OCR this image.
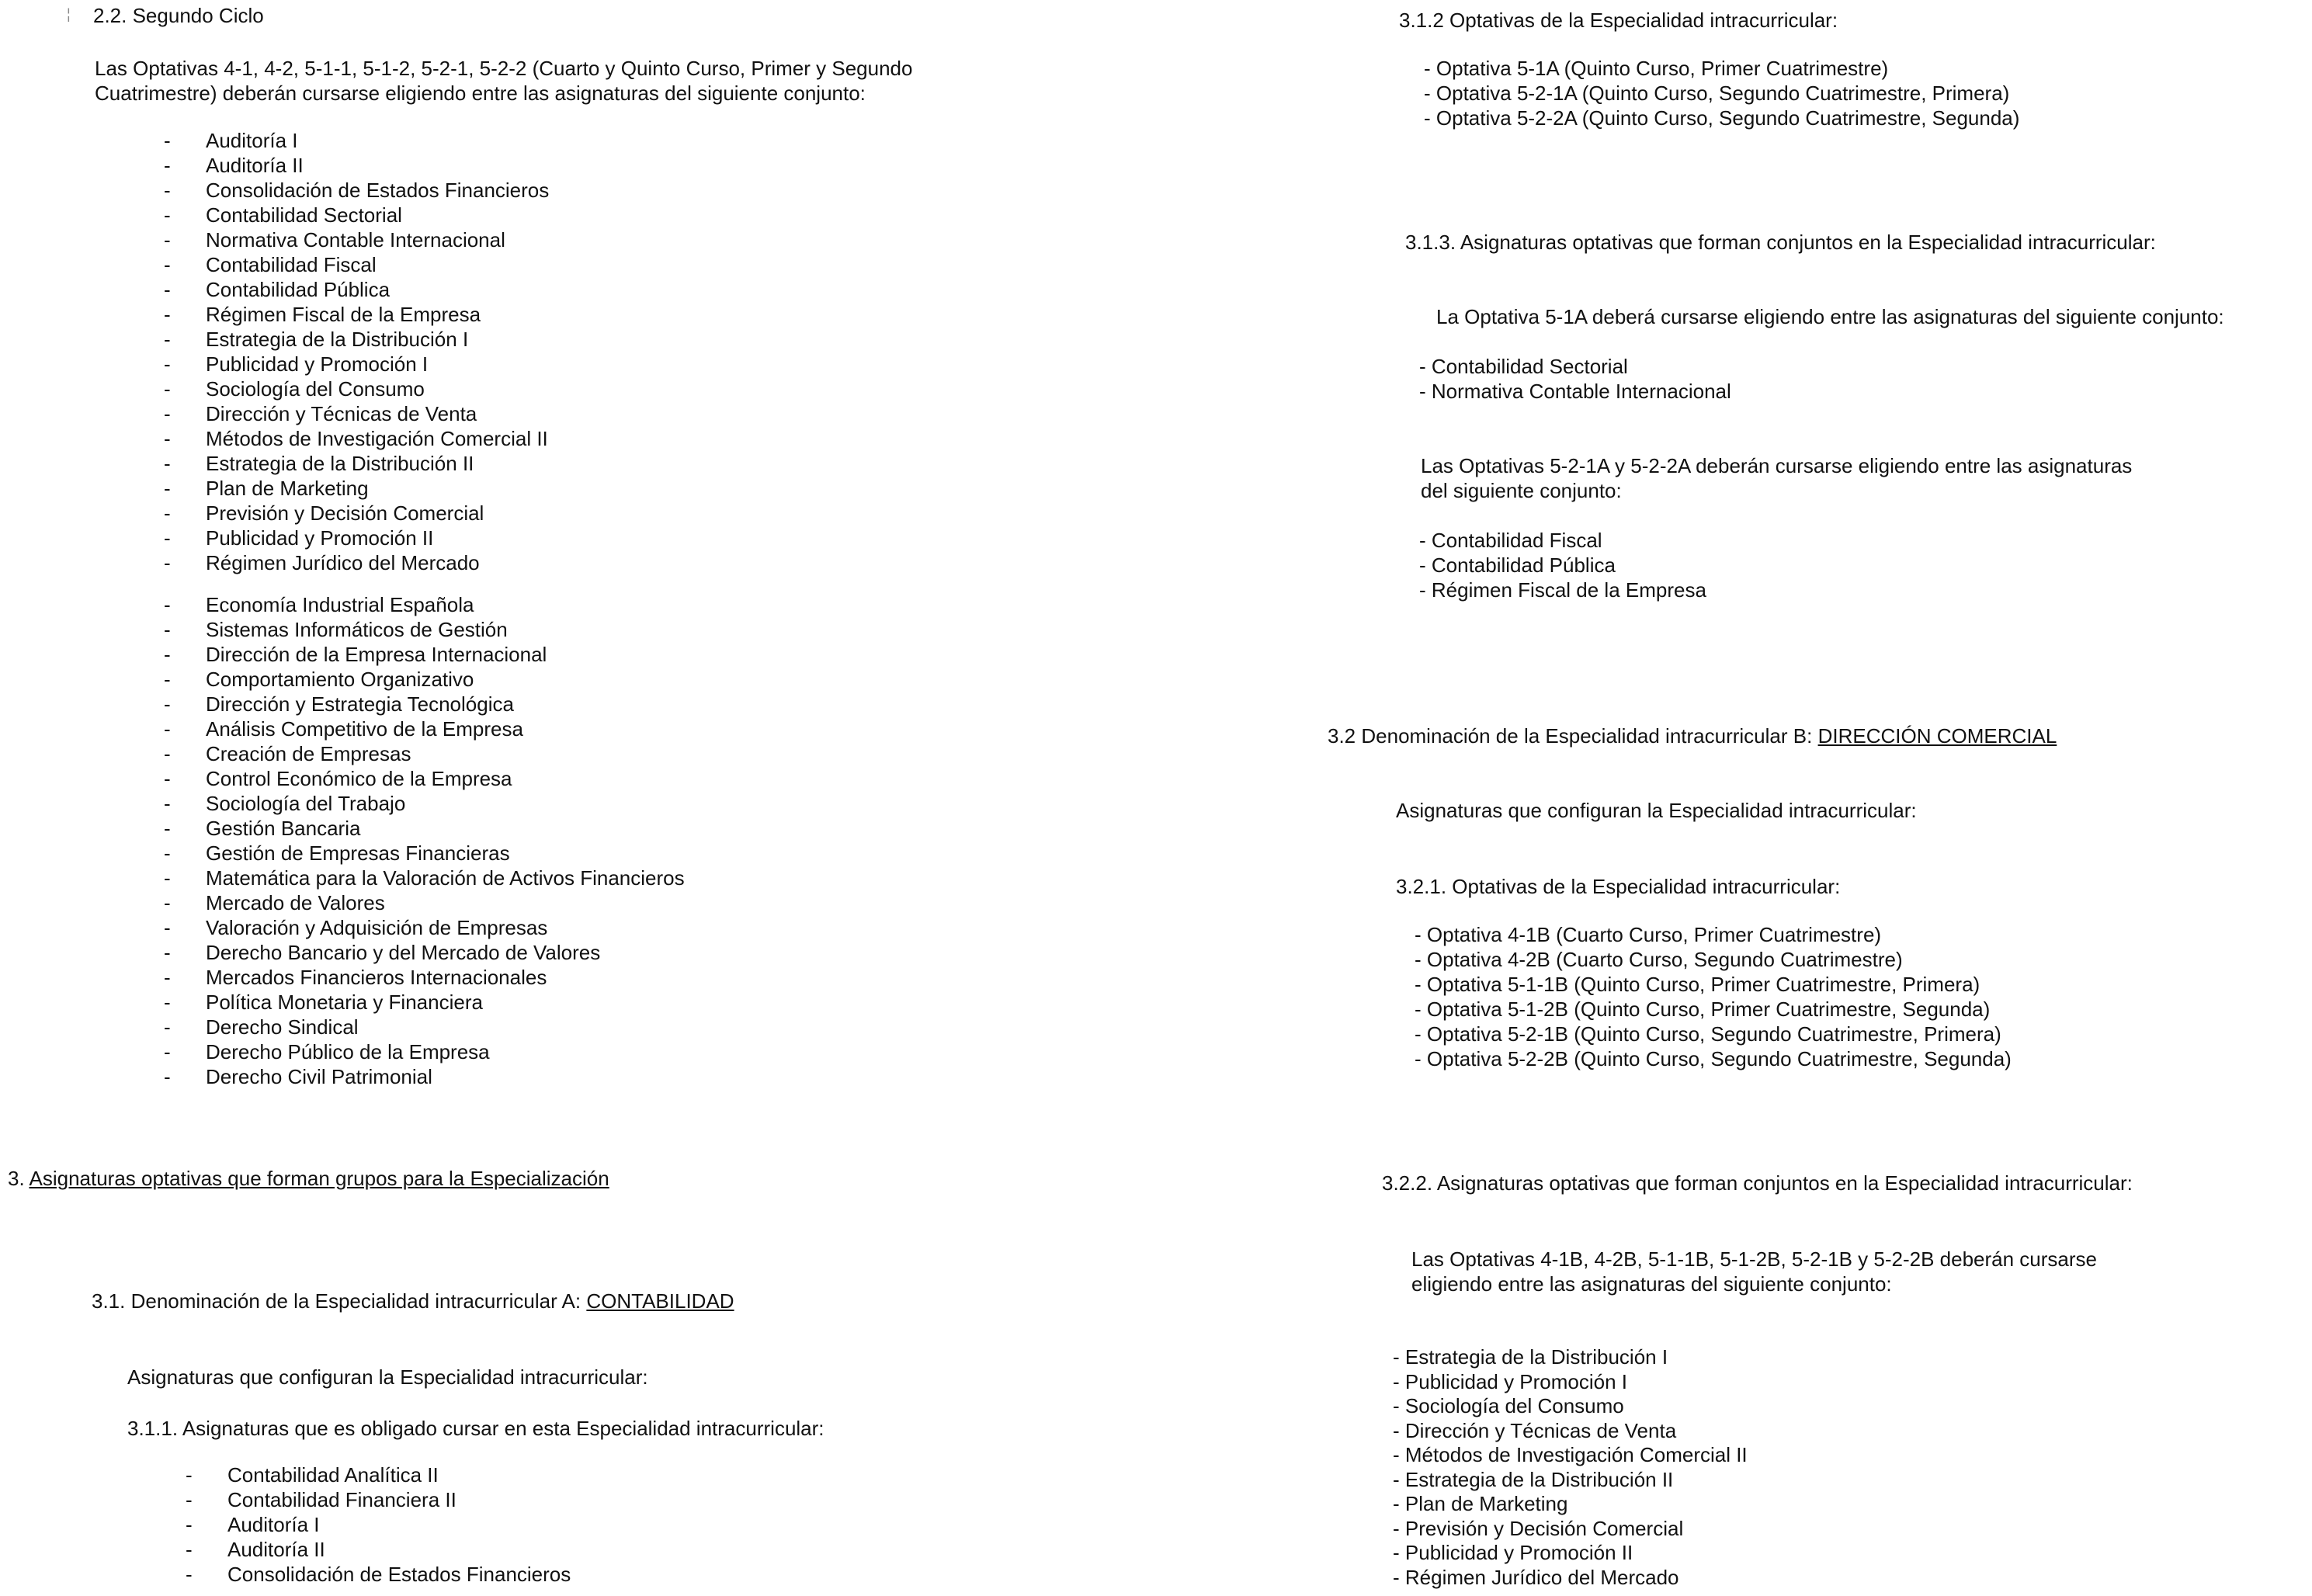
¦ 2.2. Segundo Ciclo
Las Optativas 4-1, 4-2, 5-1-1, 5-1-2, 5-2-1, 5-2-2 (Cuarto y Quinto Curso, Primer y Segundo
Cuatrimestre) deberán cursarse eligiendo entre las asignaturas del siguiente conjunto:
- Auditoría I
- Auditoría II
- Consolidación de Estados Financieros
- Contabilidad Sectorial
- Normativa Contable Internacional
- Contabilidad Fiscal
- Contabilidad Pública
- Régimen Fiscal de la Empresa
- Estrategia de la Distribución I
- Publicidad y Promoción I
- Sociología del Consumo
- Dirección y Técnicas de Venta
- Métodos de Investigación Comercial II
- Estrategia de la Distribución II
- Plan de Marketing
- Previsión y Decisión Comercial
- Publicidad y Promoción II
- Régimen Jurídico del Mercado
- Economía Industrial Española
- Sistemas Informáticos de Gestión
- Dirección de la Empresa Internacional
- Comportamiento Organizativo
- Dirección y Estrategia Tecnológica
- Análisis Competitivo de la Empresa
- Creación de Empresas
- Control Económico de la Empresa
- Sociología del Trabajo
- Gestión Bancaria
- Gestión de Empresas Financieras
- Matemática para la Valoración de Activos Financieros
- Mercado de Valores
- Valoración y Adquisición de Empresas
- Derecho Bancario y del Mercado de Valores
- Mercados Financieros Internacionales
- Política Monetaria y Financiera
- Derecho Sindical
- Derecho Público de la Empresa
- Derecho Civil Patrimonial
3. Asignaturas optativas que forman grupos para la Especialización
3.1. Denominación de la Especialidad intracurricular A: CONTABILIDAD
Asignaturas que configuran la Especialidad intracurricular:
3.1.1. Asignaturas que es obligado cursar en esta Especialidad intracurricular:
- Contabilidad Analítica II
- Contabilidad Financiera II
- Auditoría I
- Auditoría II
- Consolidación de Estados Financieros
3.1.2 Optativas de la Especialidad intracurricular:
- Optativa 5-1A (Quinto Curso, Primer Cuatrimestre)
- Optativa 5-2-1A (Quinto Curso, Segundo Cuatrimestre, Primera)
- Optativa 5-2-2A (Quinto Curso, Segundo Cuatrimestre, Segunda)
3.1.3. Asignaturas optativas que forman conjuntos en la Especialidad intracurricular:
La Optativa 5-1A deberá cursarse eligiendo entre las asignaturas del siguiente conjunto:
- Contabilidad Sectorial
- Normativa Contable Internacional
Las Optativas 5-2-1A y 5-2-2A deberán cursarse eligiendo entre las asignaturas
del siguiente conjunto:
- Contabilidad Fiscal
- Contabilidad Pública
- Régimen Fiscal de la Empresa
3.2 Denominación de la Especialidad intracurricular B: DIRECCIÓN COMERCIAL
Asignaturas que configuran la Especialidad intracurricular:
3.2.1. Optativas de la Especialidad intracurricular:
- Optativa 4-1B (Cuarto Curso, Primer Cuatrimestre)
- Optativa 4-2B (Cuarto Curso, Segundo Cuatrimestre)
- Optativa 5-1-1B (Quinto Curso, Primer Cuatrimestre, Primera)
- Optativa 5-1-2B (Quinto Curso, Primer Cuatrimestre, Segunda)
- Optativa 5-2-1B (Quinto Curso, Segundo Cuatrimestre, Primera)
- Optativa 5-2-2B (Quinto Curso, Segundo Cuatrimestre, Segunda)
3.2.2. Asignaturas optativas que forman conjuntos en la Especialidad intracurricular:
Las Optativas 4-1B, 4-2B, 5-1-1B, 5-1-2B, 5-2-1B y 5-2-2B deberán cursarse
eligiendo entre las asignaturas del siguiente conjunto:
- Estrategia de la Distribución I
- Publicidad y Promoción I
- Sociología del Consumo
- Dirección y Técnicas de Venta
- Métodos de Investigación Comercial II
- Estrategia de la Distribución II
- Plan de Marketing
- Previsión y Decisión Comercial
- Publicidad y Promoción II
- Régimen Jurídico del Mercado
